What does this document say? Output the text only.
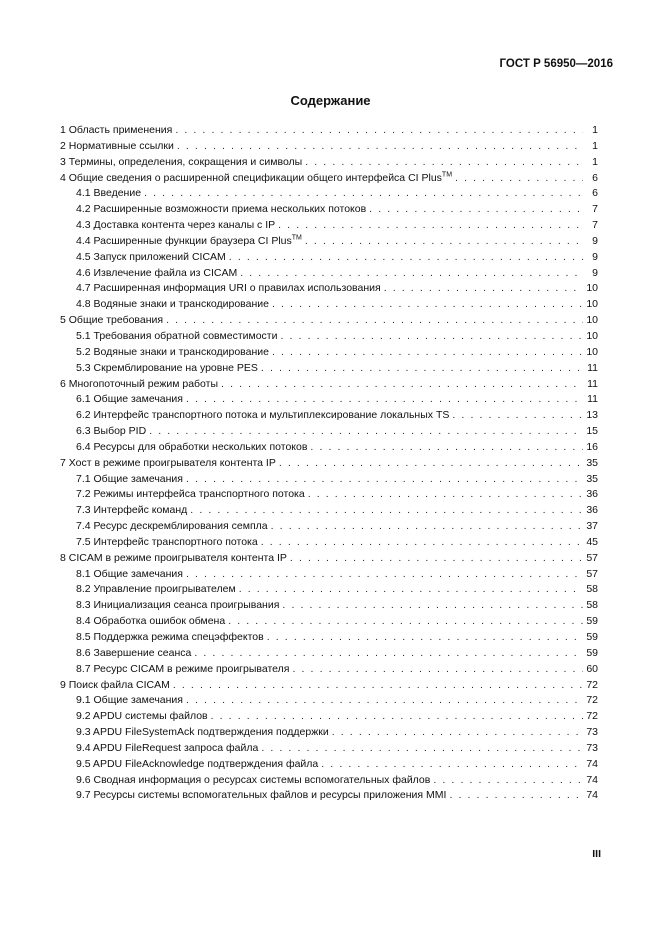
ГОСТ Р 56950—2016
Содержание
1 Область применения . . .	1
2 Нормативные ссылки . . .	1
3 Термины, определения, сокращения и символы . . .	1
4 Общие сведения о расширенной спецификации общего интерфейса CI Plus™ . . .	6
4.1 Введение . . .	6
4.2 Расширенные возможности приема нескольких потоков . . .	7
4.3 Доставка контента через каналы с IP . . .	7
4.4 Расширенные функции браузера CI Plus™ . . .	9
4.5 Запуск приложений CICAM . . .	9
4.6 Извлечение файла из CICAM . . .	9
4.7 Расширенная информация URI о правилах использования . . .	10
4.8 Водяные знаки и транскодирование . . .	10
5 Общие требования . . .	10
5.1 Требования обратной совместимости . . .	10
5.2 Водяные знаки и транскодирование . . .	10
5.3 Скремблирование на уровне PES . . .	11
6 Многопоточный режим работы . . .	11
6.1 Общие замечания . . .	11
6.2 Интерфейс транспортного потока и мультиплексирование локальных TS . . .	13
6.3 Выбор PID . . .	15
6.4 Ресурсы для обработки нескольких потоков . . .	16
7 Хост в режиме проигрывателя контента IP . . .	35
7.1 Общие замечания . . .	35
7.2 Режимы интерфейса транспортного потока . . .	36
7.3 Интерфейс команд . . .	36
7.4 Ресурс дескремблирования семпла . . .	37
7.5 Интерфейс транспортного потока . . .	45
8 CICAM в режиме проигрывателя контента IP . . .	57
8.1 Общие замечания . . .	57
8.2 Управление проигрывателем . . .	58
8.3 Инициализация сеанса проигрывания . . .	58
8.4 Обработка ошибок обмена . . .	59
8.5 Поддержка режима спецэффектов . . .	59
8.6 Завершение сеанса . . .	59
8.7 Ресурс CICAM в режиме проигрывателя . . .	60
9 Поиск файла CICAM . . .	72
9.1 Общие замечания . . .	72
9.2 APDU системы файлов . . .	72
9.3 APDU FileSystemAck подтверждения поддержки . . .	73
9.4 APDU FileRequest запроса файла . . .	73
9.5 APDU FileAcknowledge подтверждения файла . . .	74
9.6 Сводная информация о ресурсах системы вспомогательных файлов . . .	74
9.7 Ресурсы системы вспомогательных файлов и ресурсы приложения MMI . . .	74
III
